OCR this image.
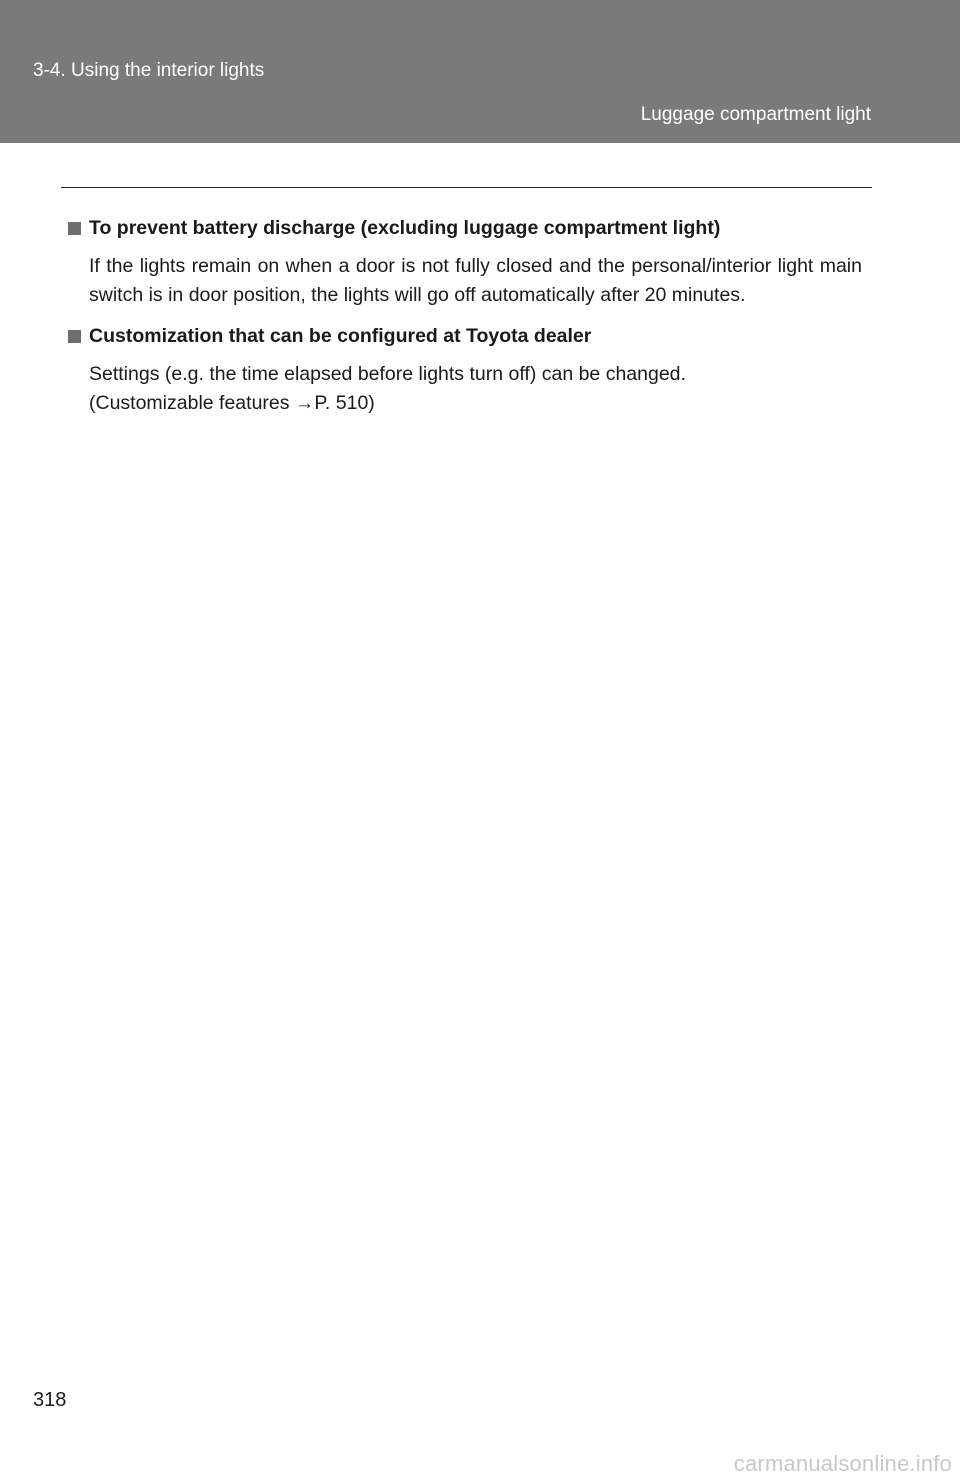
3-4. Using the interior lights
Luggage compartment light
To prevent battery discharge (excluding luggage compartment light)
If the lights remain on when a door is not fully closed and the personal/interior light main switch is in door position, the lights will go off automatically after 20 minutes.
Customization that can be configured at Toyota dealer
Settings (e.g. the time elapsed before lights turn off) can be changed.
(Customizable features →P. 510)
318
carmanualsonline.info
